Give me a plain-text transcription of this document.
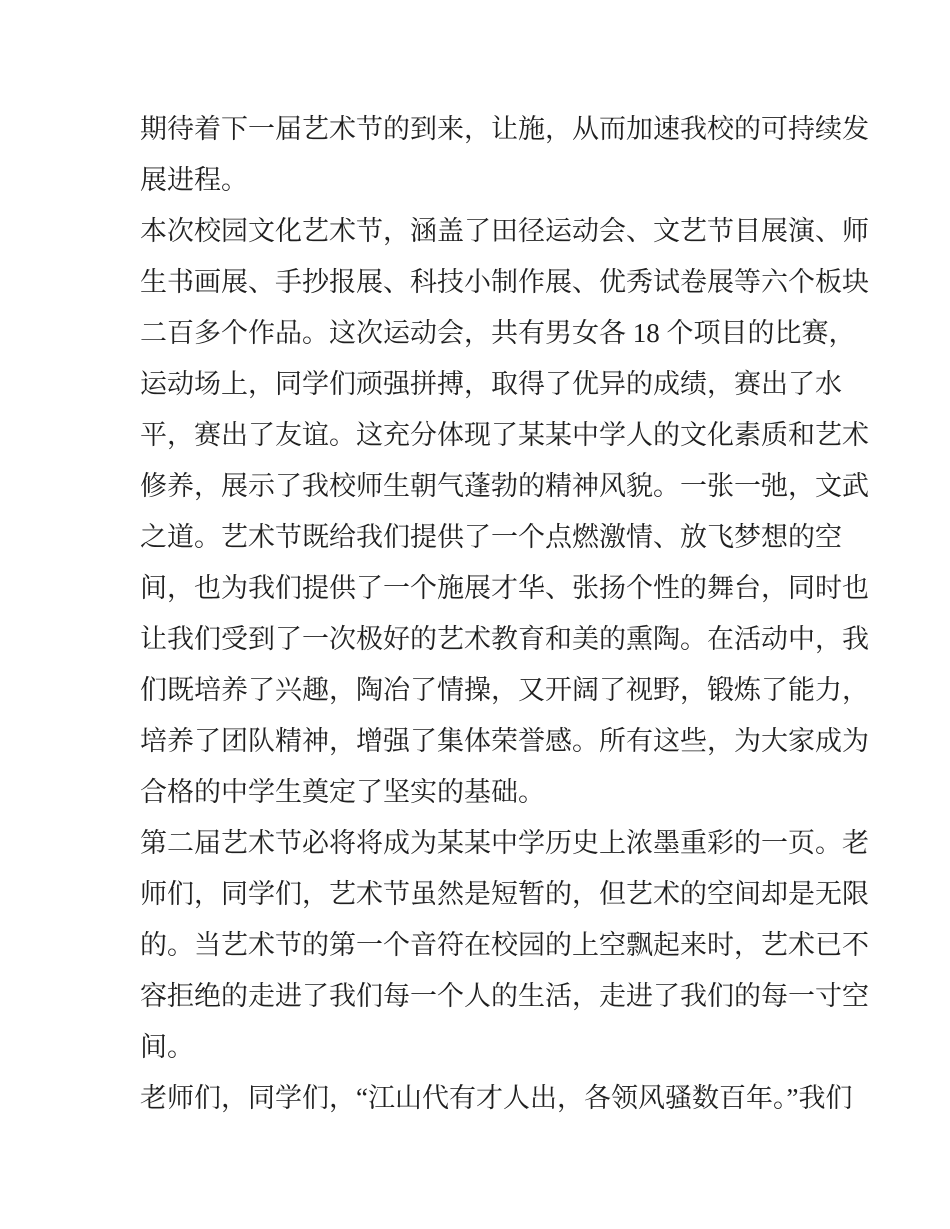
期待着下一届艺术节的到来，让施，从而加速我校的可持续发
展进程。
本次校园文化艺术节，涵盖了田径运动会、文艺节目展演、师
生书画展、手抄报展、科技小制作展、优秀试卷展等六个板块
二百多个作品。这次运动会，共有男女各 18 个项目的比赛，
运动场上，同学们顽强拼搏，取得了优异的成绩，赛出了水
平，赛出了友谊。这充分体现了某某中学人的文化素质和艺术
修养，展示了我校师生朝气蓬勃的精神风貌。一张一弛，文武
之道。艺术节既给我们提供了一个点燃激情、放飞梦想的空
间，也为我们提供了一个施展才华、张扬个性的舞台，同时也
让我们受到了一次极好的艺术教育和美的熏陶。在活动中，我
们既培养了兴趣，陶冶了情操，又开阔了视野，锻炼了能力，
培养了团队精神，增强了集体荣誉感。所有这些，为大家成为
合格的中学生奠定了坚实的基础。
第二届艺术节必将将成为某某中学历史上浓墨重彩的一页。老
师们，同学们，艺术节虽然是短暂的，但艺术的空间却是无限
的。当艺术节的第一个音符在校园的上空飘起来时，艺术已不
容拒绝的走进了我们每一个人的生活，走进了我们的每一寸空
间。
老师们，同学们，“江山代有才人出，各领风骚数百年。”我们
